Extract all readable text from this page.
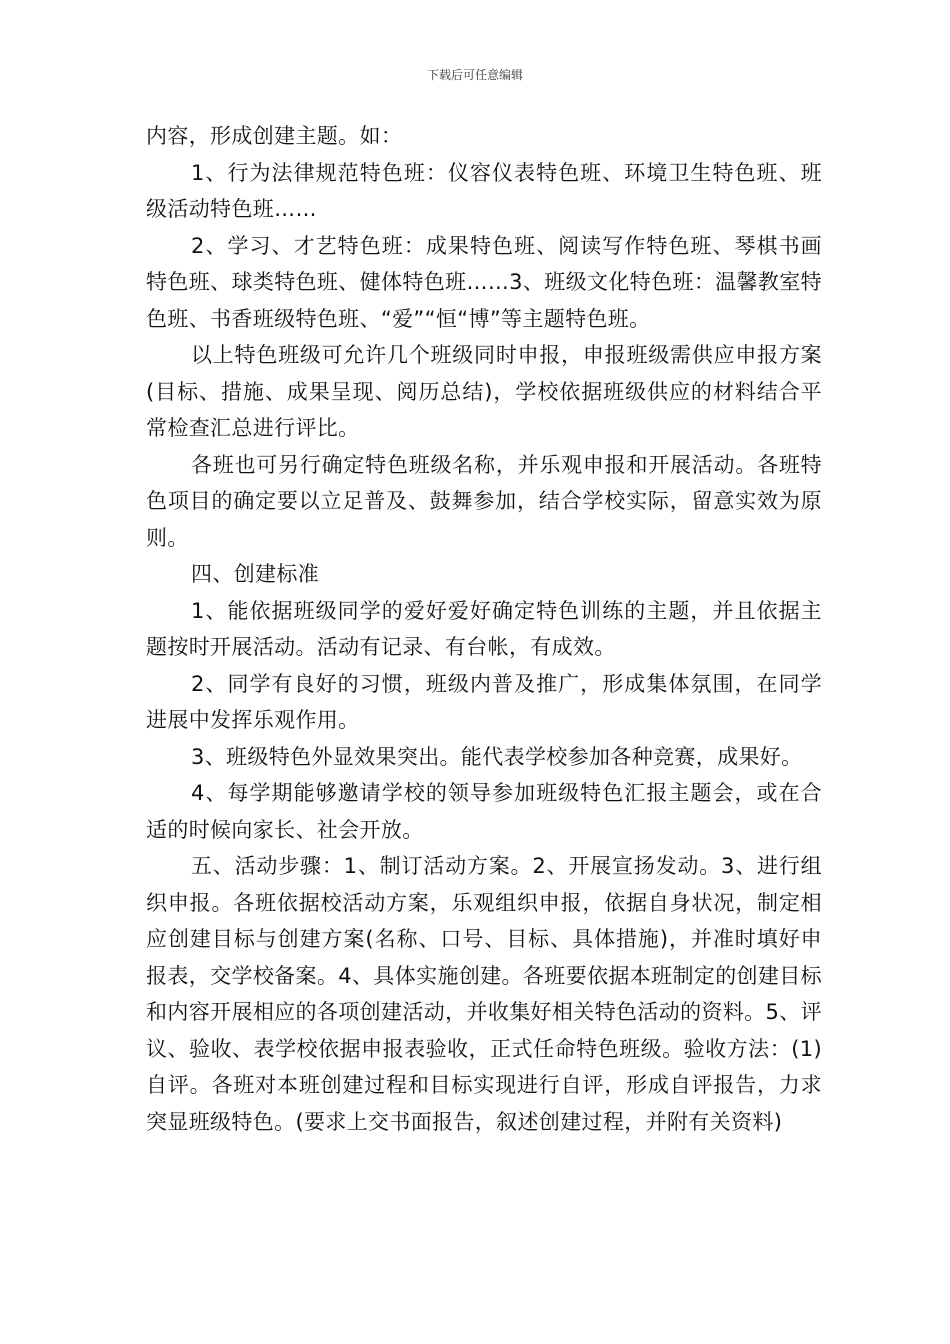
下载后可任意编辑

内容，形成创建主题。如：

1、行为法律规范特色班：仪容仪表特色班、环境卫生特色班、班级活动特色班……

2、学习、才艺特色班：成果特色班、阅读写作特色班、琴棋书画特色班、球类特色班、健体特色班……3、班级文化特色班：温馨教室特色班、书香班级特色班、“爱”“恒“博”等主题特色班。

以上特色班级可允许几个班级同时申报，申报班级需供应申报方案(目标、措施、成果呈现、阅历总结)，学校依据班级供应的材料结合平常检查汇总进行评比。

各班也可另行确定特色班级名称，并乐观申报和开展活动。各班特色项目的确定要以立足普及、鼓舞参加，结合学校实际，留意实效为原则。

四、创建标准

1、能依据班级同学的爱好爱好确定特色训练的主题，并且依据主题按时开展活动。活动有记录、有台帐，有成效。

2、同学有良好的习惯，班级内普及推广，形成集体氛围，在同学进展中发挥乐观作用。

3、班级特色外显效果突出。能代表学校参加各种竞赛，成果好。

4、每学期能够邀请学校的领导参加班级特色汇报主题会，或在合适的时候向家长、社会开放。

五、活动步骤：1、制订活动方案。2、开展宣扬发动。3、进行组织申报。各班依据校活动方案，乐观组织申报，依据自身状况，制定相应创建目标与创建方案(名称、口号、目标、具体措施)，并准时填好申报表，交学校备案。4、具体实施创建。各班要依据本班制定的创建目标和内容开展相应的各项创建活动，并收集好相关特色活动的资料。5、评议、验收、表学校依据申报表验收，正式任命特色班级。验收方法：(1)自评。各班对本班创建过程和目标实现进行自评，形成自评报告，力求突显班级特色。(要求上交书面报告，叙述创建过程，并附有关资料)
